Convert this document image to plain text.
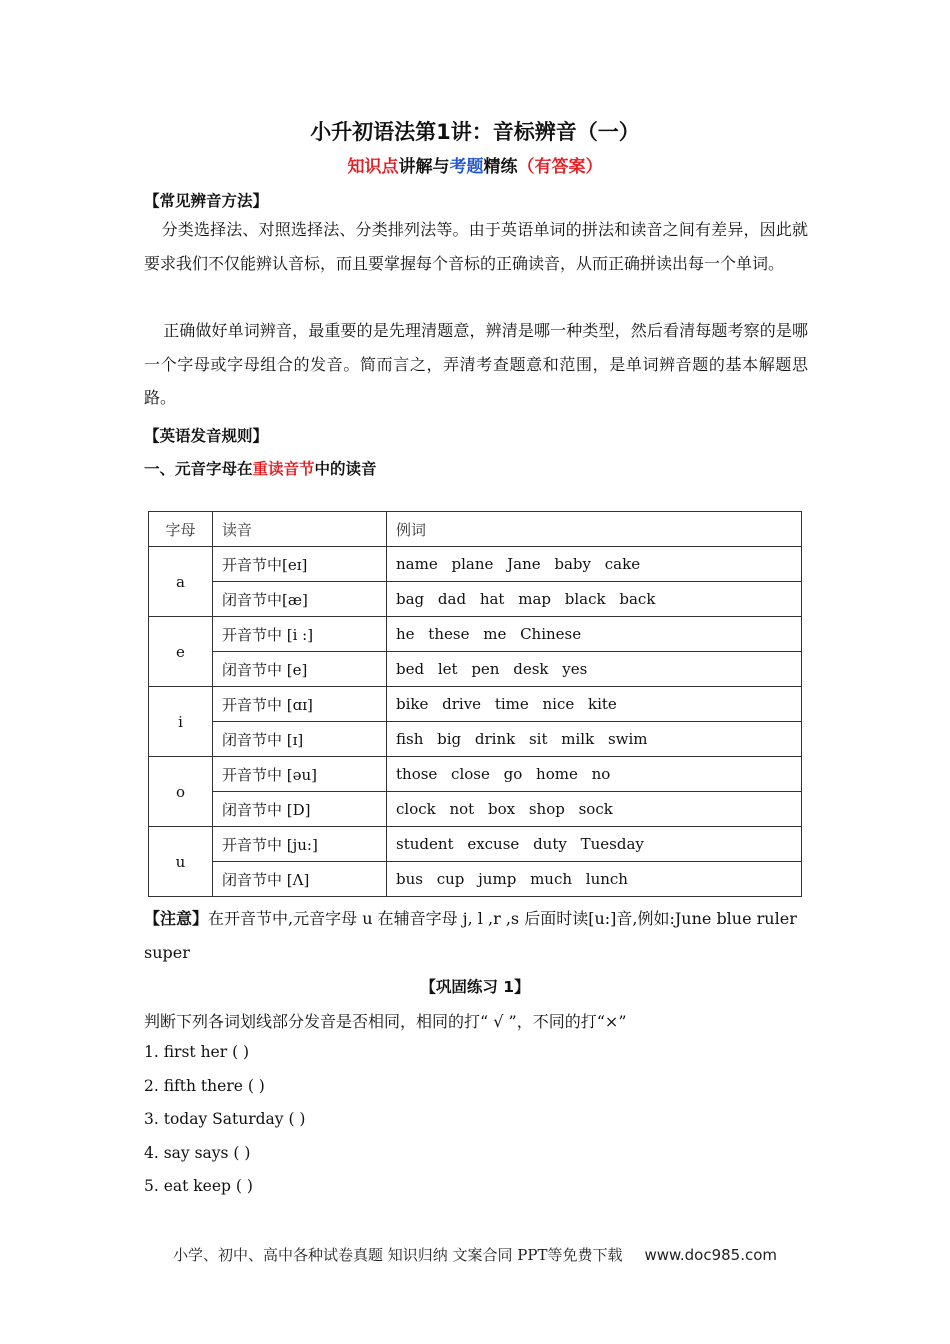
小升初语法第1讲：音标辨音（一）
知识点讲解与考题精练（有答案）
【常见辨音方法】

分类选择法、对照选择法、分类排列法等。由于英语单词的拼法和读音之间有差异，因此就要求我们不仅能辨认音标，而且要掌握每个音标的正确读音，从而正确拼读出每一个单词。

正确做好单词辨音，最重要的是先理清题意，辨清是哪一种类型，然后看清每题考察的是哪一个字母或字母组合的发音。简而言之，弄清考查题意和范围，是单词辨音题的基本解题思路。

【英语发音规则】
一、元音字母在重读音节中的读音
字母	读音	例词
a	开音节中[eɪ]	name plane Jane baby cake
	闭音节中[æ]	bag dad hat map black back
e	开音节中 [i :]	he these me Chinese
	闭音节中 [e]	bed let pen desk yes
i	开音节中 [ɑɪ]	bike drive time nice kite
	闭音节中 [ɪ]	fish big drink sit milk swim
o	开音节中 [əu]	those close go home no
	闭音节中 [D]	clock not box shop sock
u	开音节中 [ju:]	student excuse duty Tuesday
	闭音节中 [Λ]	bus cup jump much lunch

【注意】在开音节中,元音字母 u 在辅音字母 j, l ,r ,s 后面时读[u:]音,例如:June blue ruler super

【巩固练习 1】
判断下列各词划线部分发音是否相同，相同的打“ √ ”，不同的打“×”
1. first her ( )
2. fifth there ( )
3. today Saturday ( )
4. say says ( )
5. eat keep ( )
小学、初中、高中各种试卷真题 知识归纳 文案合同 PPT等免费下载 www.doc985.com
